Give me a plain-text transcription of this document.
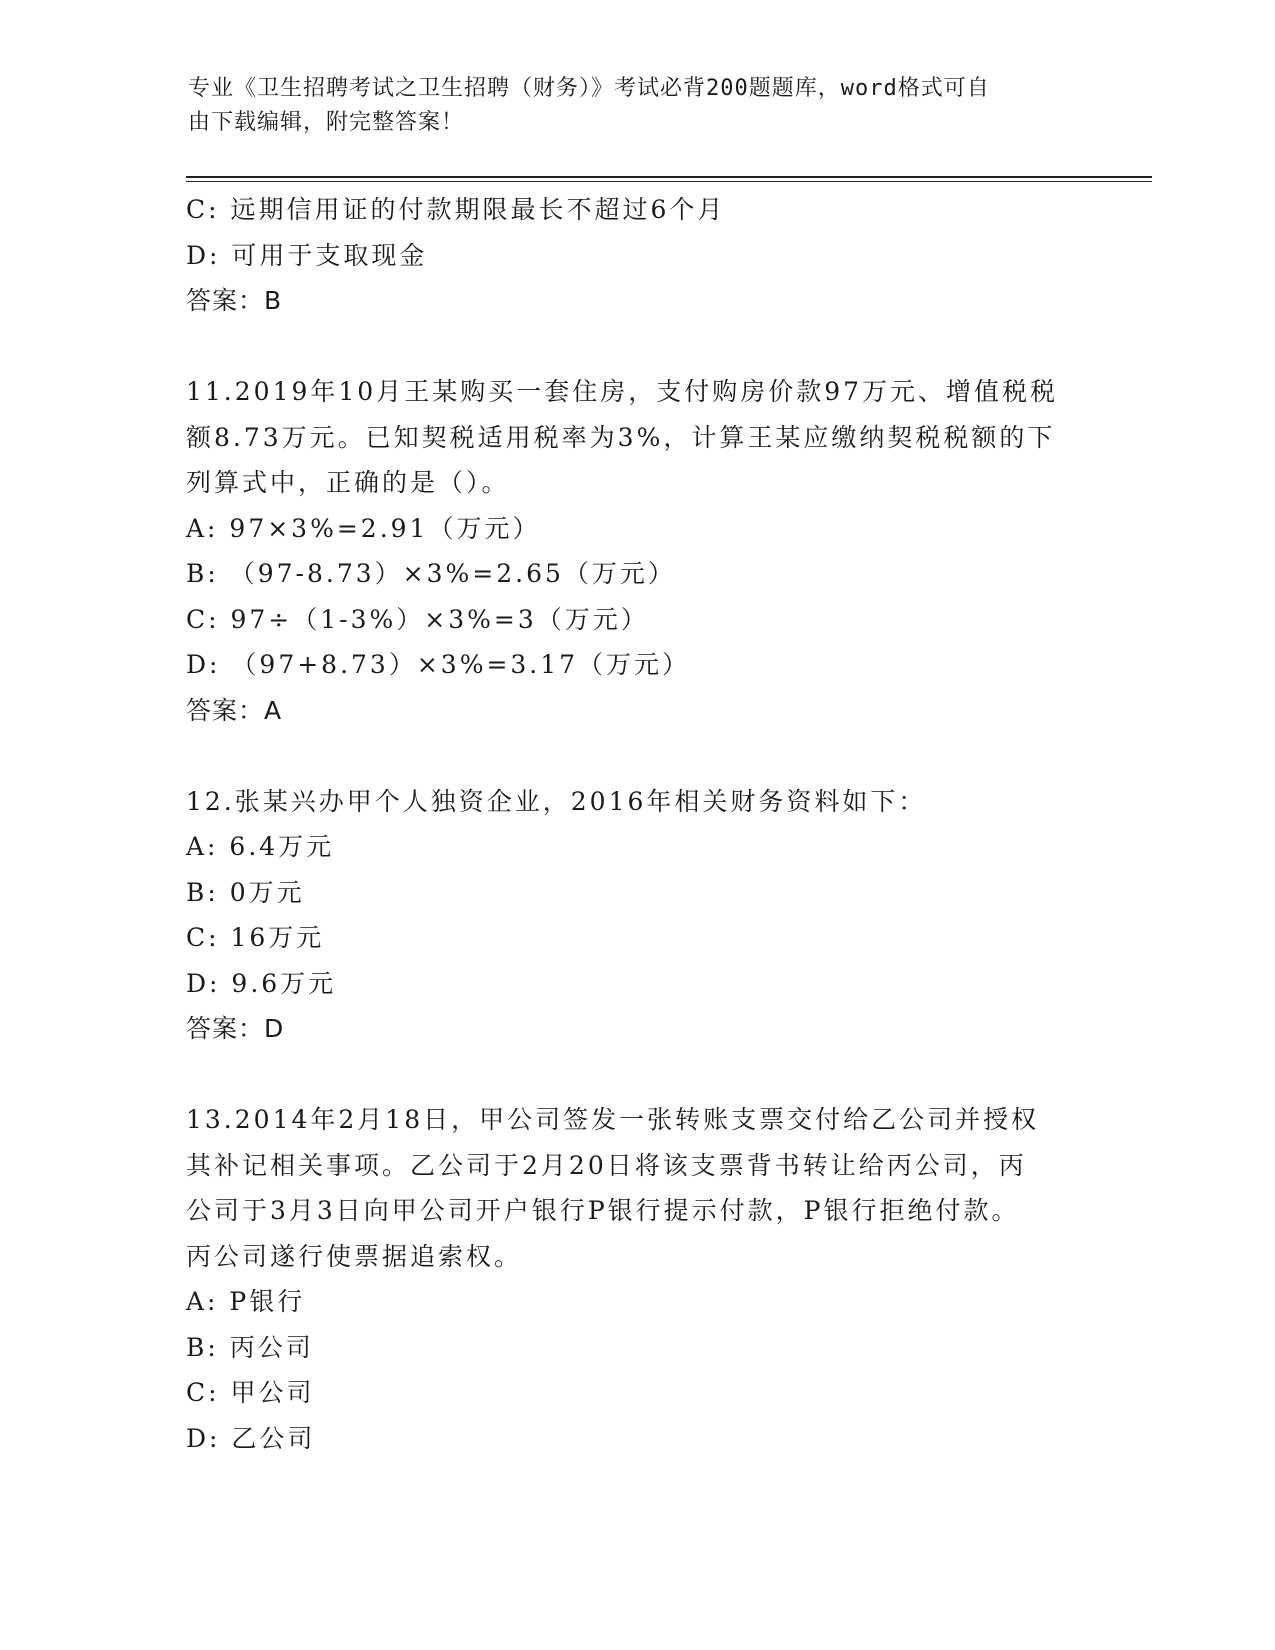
专业《卫生招聘考试之卫生招聘（财务）》考试必背200题题库，word格式可自
由下载编辑，附完整答案！
C: 远期信用证的付款期限最长不超过6个月
D: 可用于支取现金
答案：B
11.2019年10月王某购买一套住房，支付购房价款97万元、增值税税
额8.73万元。已知契税适用税率为3%，计算王某应缴纳契税税额的下
列算式中，正确的是（）。
A: 97×3%=2.91（万元）
B: （97-8.73）×3%=2.65（万元）
C: 97÷（1-3%）×3%=3（万元）
D: （97+8.73）×3%=3.17（万元）
答案：A
12.张某兴办甲个人独资企业，2016年相关财务资料如下：
A: 6.4万元
B: 0万元
C: 16万元
D: 9.6万元
答案：D
13.2014年2月18日，甲公司签发一张转账支票交付给乙公司并授权
其补记相关事项。乙公司于2月20日将该支票背书转让给丙公司，丙
公司于3月3日向甲公司开户银行P银行提示付款，P银行拒绝付款。
丙公司遂行使票据追索权。
A: P银行
B: 丙公司
C: 甲公司
D: 乙公司
